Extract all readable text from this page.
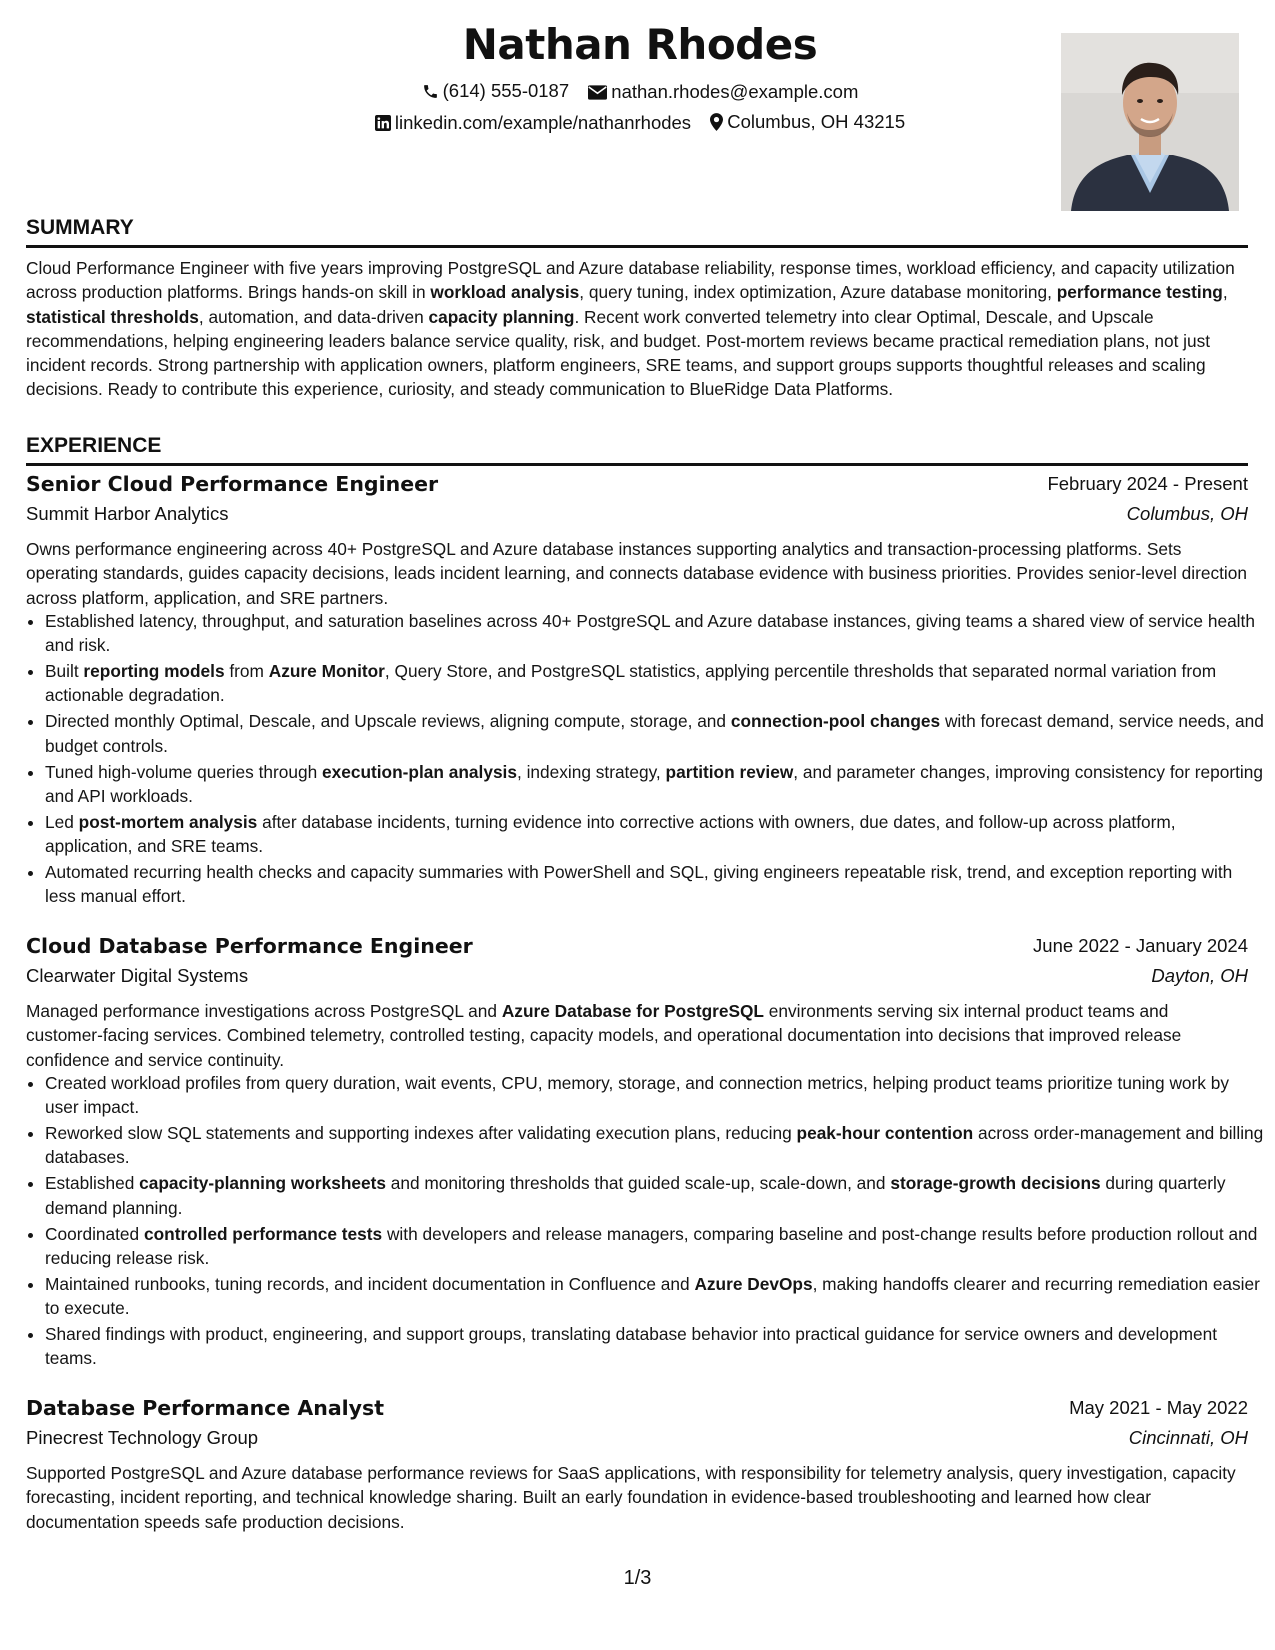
Nathan Rhodes
(614) 555-0187
nathan.rhodes@example.com
linkedin.com/example/nathanrhodes
Columbus, OH 43215
SUMMARY
Cloud Performance Engineer with five years improving PostgreSQL and Azure database reliability, response times, workload efficiency, and capacity utilization across production platforms. Brings hands-on skill in workload analysis, query tuning, index optimization, Azure database monitoring, performance testing, statistical thresholds, automation, and data-driven capacity planning. Recent work converted telemetry into clear Optimal, Descale, and Upscale recommendations, helping engineering leaders balance service quality, risk, and budget. Post-mortem reviews became practical remediation plans, not just incident records. Strong partnership with application owners, platform engineers, SRE teams, and support groups supports thoughtful releases and scaling decisions. Ready to contribute this experience, curiosity, and steady communication to BlueRidge Data Platforms.
EXPERIENCE
Senior Cloud Performance Engineer	February 2024 - Present
Summit Harbor Analytics	Columbus, OH
Owns performance engineering across 40+ PostgreSQL and Azure database instances supporting analytics and transaction-processing platforms. Sets operating standards, guides capacity decisions, leads incident learning, and connects database evidence with business priorities. Provides senior-level direction across platform, application, and SRE partners.
• Established latency, throughput, and saturation baselines across 40+ PostgreSQL and Azure database instances, giving teams a shared view of service health and risk.
• Built reporting models from Azure Monitor, Query Store, and PostgreSQL statistics, applying percentile thresholds that separated normal variation from actionable degradation.
• Directed monthly Optimal, Descale, and Upscale reviews, aligning compute, storage, and connection-pool changes with forecast demand, service needs, and budget controls.
• Tuned high-volume queries through execution-plan analysis, indexing strategy, partition review, and parameter changes, improving consistency for reporting and API workloads.
• Led post-mortem analysis after database incidents, turning evidence into corrective actions with owners, due dates, and follow-up across platform, application, and SRE teams.
• Automated recurring health checks and capacity summaries with PowerShell and SQL, giving engineers repeatable risk, trend, and exception reporting with less manual effort.
Cloud Database Performance Engineer	June 2022 - January 2024
Clearwater Digital Systems	Dayton, OH
Managed performance investigations across PostgreSQL and Azure Database for PostgreSQL environments serving six internal product teams and customer-facing services. Combined telemetry, controlled testing, capacity models, and operational documentation into decisions that improved release confidence and service continuity.
• Created workload profiles from query duration, wait events, CPU, memory, storage, and connection metrics, helping product teams prioritize tuning work by user impact.
• Reworked slow SQL statements and supporting indexes after validating execution plans, reducing peak-hour contention across order-management and billing databases.
• Established capacity-planning worksheets and monitoring thresholds that guided scale-up, scale-down, and storage-growth decisions during quarterly demand planning.
• Coordinated controlled performance tests with developers and release managers, comparing baseline and post-change results before production rollout and reducing release risk.
• Maintained runbooks, tuning records, and incident documentation in Confluence and Azure DevOps, making handoffs clearer and recurring remediation easier to execute.
• Shared findings with product, engineering, and support groups, translating database behavior into practical guidance for service owners and development teams.
Database Performance Analyst	May 2021 - May 2022
Pinecrest Technology Group	Cincinnati, OH
Supported PostgreSQL and Azure database performance reviews for SaaS applications, with responsibility for telemetry analysis, query investigation, capacity forecasting, incident reporting, and technical knowledge sharing. Built an early foundation in evidence-based troubleshooting and learned how clear documentation speeds safe production decisions.
1/3
